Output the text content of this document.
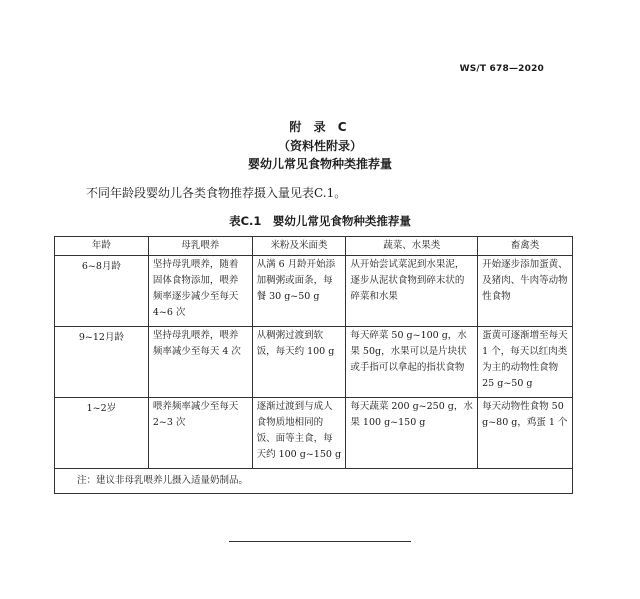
WS/T 678—2020
附 录 C
（资料性附录）
婴幼儿常见食物种类推荐量
不同年龄段婴幼儿各类食物推荐摄入量见表C.1。
表C.1　婴幼儿常见食物种类推荐量
年龄	母乳喂养	米粉及米面类	蔬菜、水果类	畜禽类
6~8月龄	坚持母乳喂养，随着固体食物添加，喂养频率逐步减少至每天 4~6 次	从满 6 月龄开始添加稠粥或面条，每餐 30 g~50 g	从开始尝试菜泥到水果泥，逐步从泥状食物到碎末状的碎菜和水果	开始逐步添加蛋黄、及猪肉、牛肉等动物性食物
9~12月龄	坚持母乳喂养，喂养频率减少至每天 4 次	从稠粥过渡到软饭，每天约 100 g	每天碎菜 50 g~100 g，水果 50g，水果可以是片块状或手指可以拿起的指状食物	蛋黄可逐渐增至每天 1 个，每天以红肉类为主的动物性食物 25 g~50 g
1~2岁	喂养频率减少至每天 2~3 次	逐渐过渡到与成人食物质地相同的饭、面等主食，每天约 100 g~150 g	每天蔬菜 200 g~250 g，水果 100 g~150 g	每天动物性食物 50 g~80 g，鸡蛋 1 个
注：建议非母乳喂养儿摄入适量奶制品。				
